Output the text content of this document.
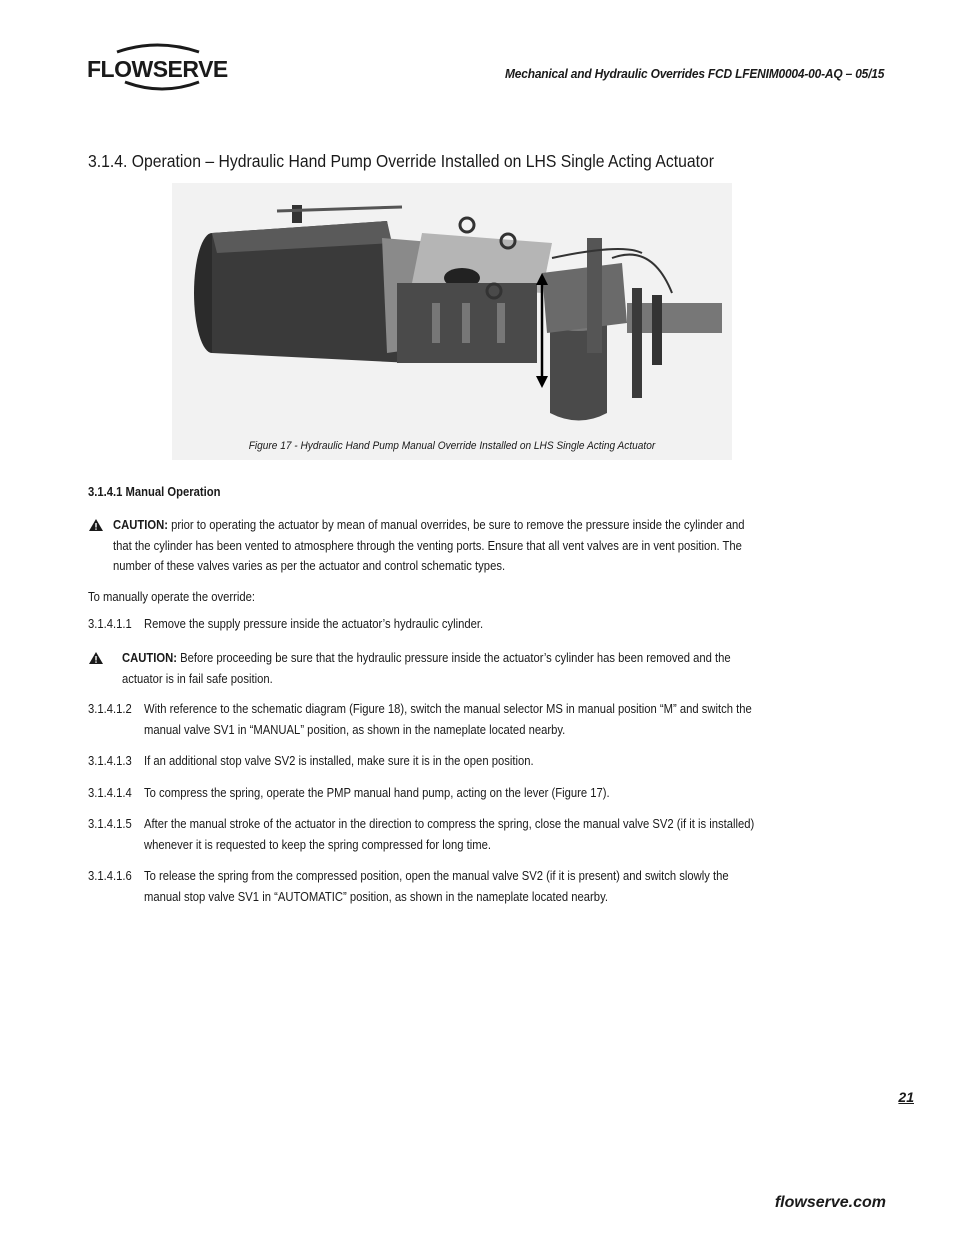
FLOWSERVE	Mechanical and Hydraulic Overrides FCD LFENIM0004-00-AQ – 05/15
3.1.4. Operation – Hydraulic Hand Pump Override Installed on LHS Single Acting Actuator
Figure 17 - Hydraulic Hand Pump Manual Override Installed on LHS Single Acting Actuator
3.1.4.1 Manual Operation
CAUTION: prior to operating the actuator by mean of manual overrides, be sure to remove the pressure inside the cylinder and
that the cylinder has been vented to atmosphere through the venting ports. Ensure that all vent valves are in vent position. The
number of these valves varies as per the actuator and control schematic types.
To manually operate the override:
3.1.4.1.1 Remove the supply pressure inside the actuator’s hydraulic cylinder.
CAUTION: Before proceeding be sure that the hydraulic pressure inside the actuator’s cylinder has been removed and the
actuator is in fail safe position.
3.1.4.1.2 With reference to the schematic diagram (Figure 18), switch the manual selector MS in manual position “M” and switch the
manual valve SV1 in “MANUAL” position, as shown in the nameplate located nearby.
3.1.4.1.3 If an additional stop valve SV2 is installed, make sure it is in the open position.
3.1.4.1.4 To compress the spring, operate the PMP manual hand pump, acting on the lever (Figure 17).
3.1.4.1.5 After the manual stroke of the actuator in the direction to compress the spring, close the manual valve SV2 (if it is installed)
whenever it is requested to keep the spring compressed for long time.
3.1.4.1.6 To release the spring from the compressed position, open the manual valve SV2 (if it is present) and switch slowly the
manual stop valve SV1 in “AUTOMATIC” position, as shown in the nameplate located nearby.
21
flowserve.com
